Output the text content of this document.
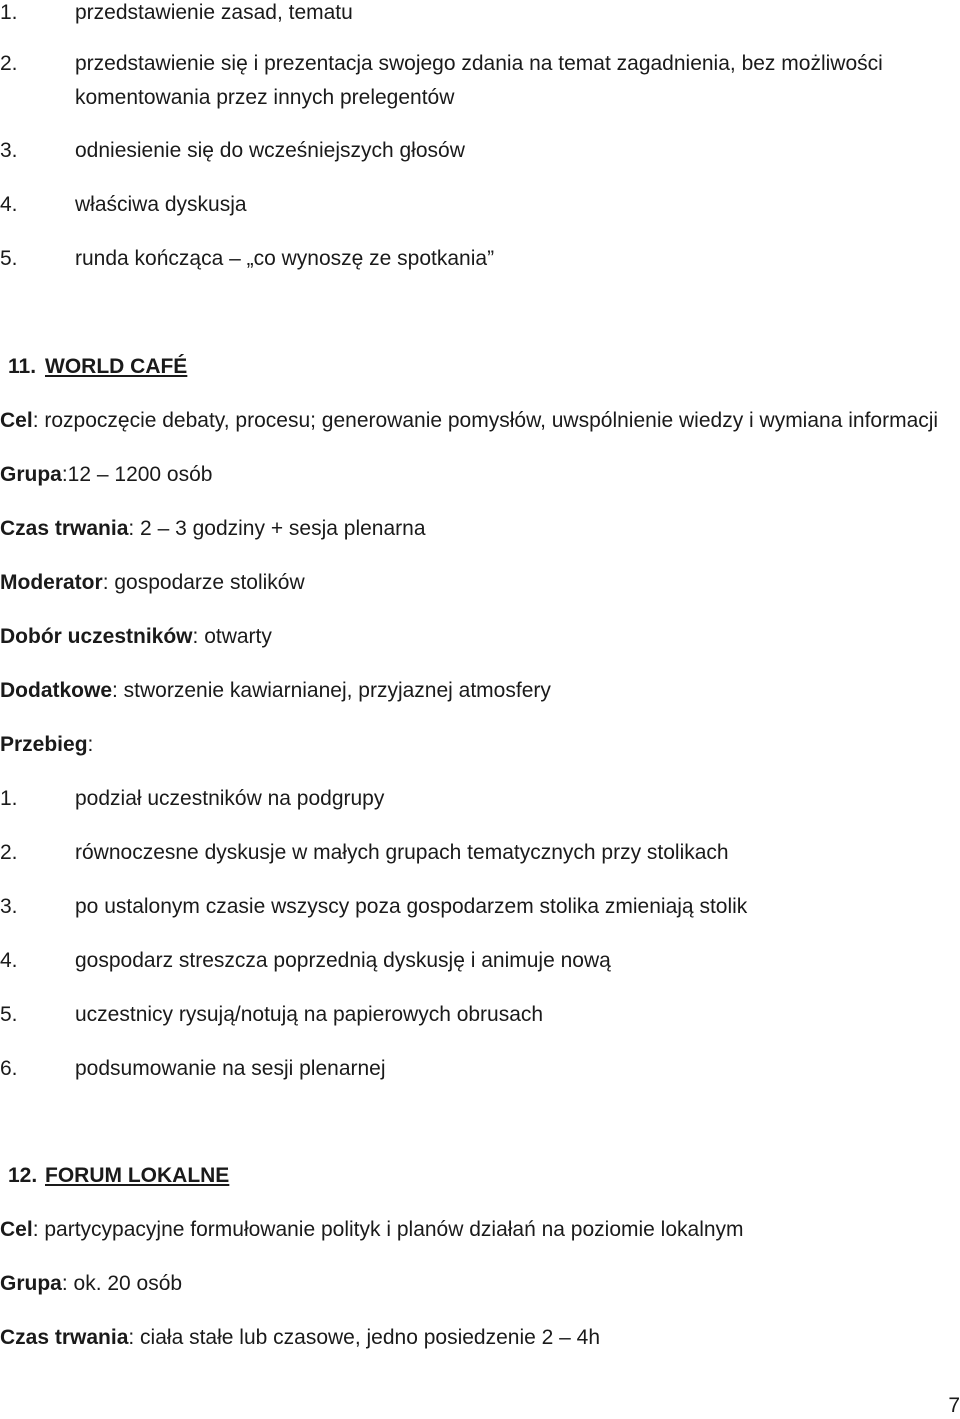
1.	przedstawienie zasad, tematu
2.	przedstawienie się i prezentacja swojego zdania na temat zagadnienia, bez możliwości
komentowania przez innych prelegentów
3.	odniesienie się do wcześniejszych głosów
4.	właściwa dyskusja
5.	runda kończąca – „co wynoszę ze spotkania”
11. WORLD CAFÉ
Cel: rozpoczęcie debaty, procesu; generowanie pomysłów, uwspólnienie wiedzy i wymiana informacji
Grupa:12 – 1200 osób
Czas trwania: 2 – 3 godziny + sesja plenarna
Moderator: gospodarze stolików
Dobór uczestników: otwarty
Dodatkowe: stworzenie kawiarnianej, przyjaznej atmosfery
Przebieg:
1.	podział uczestników na podgrupy
2.	równoczesne dyskusje w małych grupach tematycznych przy stolikach
3.	po ustalonym czasie wszyscy poza gospodarzem stolika zmieniają stolik
4.	gospodarz streszcza poprzednią dyskusję i animuje nową
5.	uczestnicy rysują/notują na papierowych obrusach
6.	podsumowanie na sesji plenarnej
12. FORUM LOKALNE
Cel: partycypacyjne formułowanie polityk i planów działań na poziomie lokalnym
Grupa: ok. 20 osób
Czas trwania: ciała stałe lub czasowe, jedno posiedzenie 2 – 4h
7
